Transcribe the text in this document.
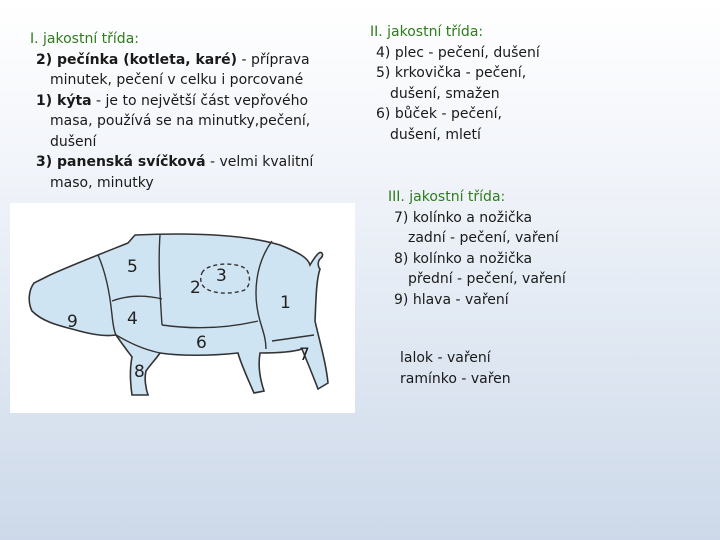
I. jakostní třída:
2) pečínka (kotleta, karé) - příprava
minutek, pečení v celku i porcované
1) kýta - je to největší část vepřového
masa, používá se na minutky,pečení,
dušení
3) panenská svíčková - velmi kvalitní
maso, minutky
1
2
3
4
5
6
7
8
9
II. jakostní třída:
4) plec - pečení, dušení
5) krkovička - pečení,
dušení, smažen
6) bůček - pečení,
dušení, mletí
III. jakostní třída:
7) kolínko a nožička
zadní - pečení, vaření
8) kolínko a nožička
přední - pečení, vaření
9) hlava - vaření
lalok - vaření
ramínko - vařen
